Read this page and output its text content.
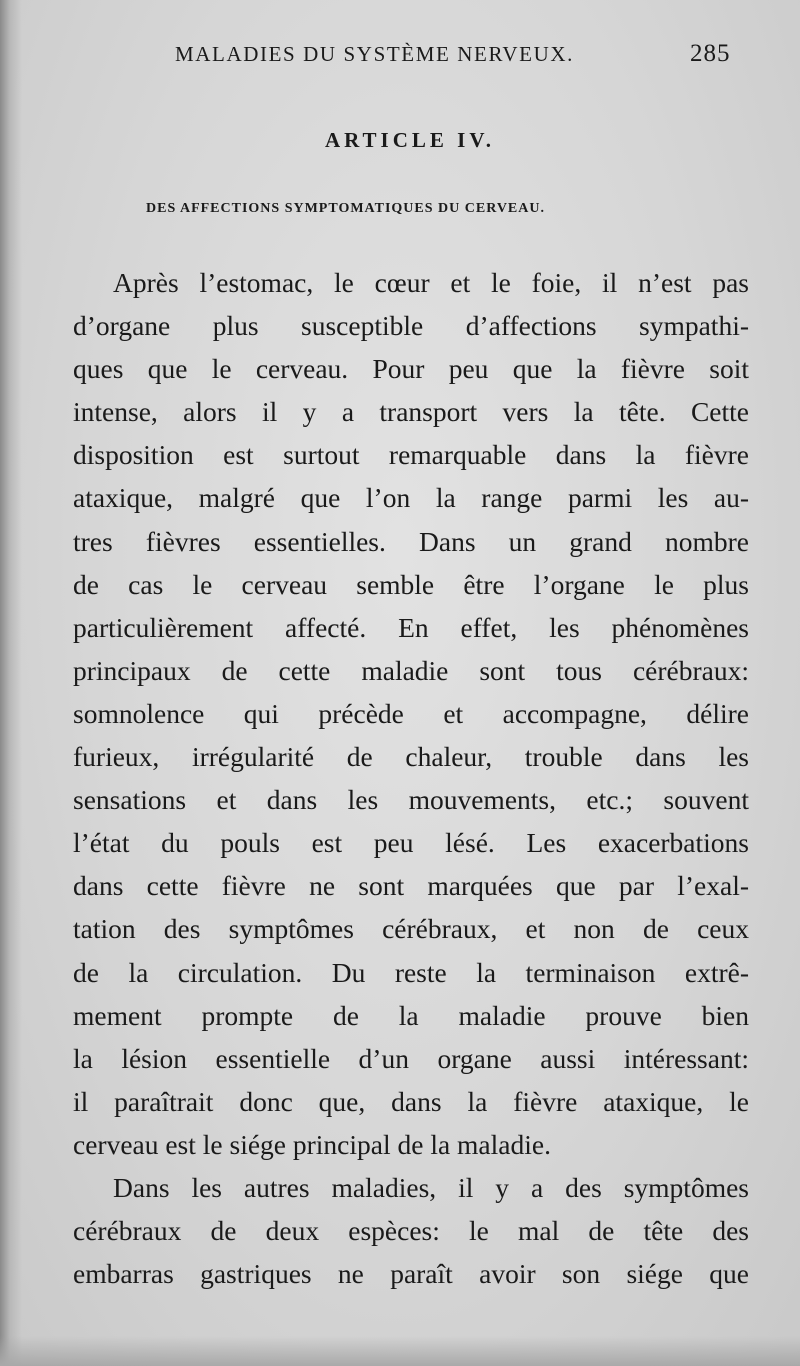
MALADIES DU SYSTÈME NERVEUX.	285
ARTICLE IV.
DES AFFECTIONS SYMPTOMATIQUES DU CERVEAU.
Après l’estomac, le cœur et le foie, il n’est pas
d’organe plus susceptible d’affections sympathi-
ques que le cerveau. Pour peu que la fièvre soit
intense, alors il y a transport vers la tête. Cette
disposition est surtout remarquable dans la fièvre
ataxique, malgré que l’on la range parmi les au-
tres fièvres essentielles. Dans un grand nombre
de cas le cerveau semble être l’organe le plus
particulièrement affecté. En effet, les phénomènes
principaux de cette maladie sont tous cérébraux:
somnolence qui précède et accompagne, délire
furieux, irrégularité de chaleur, trouble dans les
sensations et dans les mouvements, etc.; souvent
l’état du pouls est peu lésé. Les exacerbations
dans cette fièvre ne sont marquées que par l’exal-
tation des symptômes cérébraux, et non de ceux
de la circulation. Du reste la terminaison extrê-
mement prompte de la maladie prouve bien
la lésion essentielle d’un organe aussi intéressant:
il paraîtrait donc que, dans la fièvre ataxique, le
cerveau est le siége principal de la maladie.
Dans les autres maladies, il y a des symptômes
cérébraux de deux espèces: le mal de tête des
embarras gastriques ne paraît avoir son siége que
